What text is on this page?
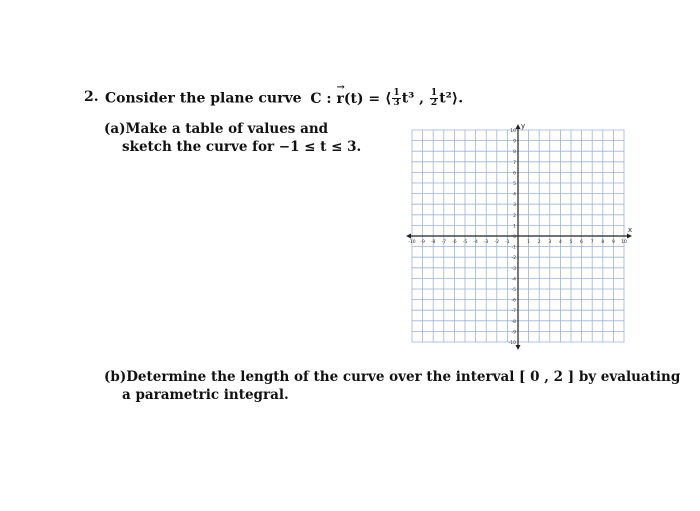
2. Consider the plane curve C :
→
r(t) = ⟨ $\frac{1}{3} t^3$ , $\frac{1}{2}$ t²⟩.
(a)Make a table of values and
sketch the curve for −1 ≤ t ≤ 3.
x
y
-10 -9 -8 -7 -6 -5 -4 -3 -2 -1	1 2 3 4 5 6 7 8 9 10
10
9
8
7
6
5
4
3
2
1
0
-1
-2
-3
-4
-5
-6
-7
-8
-9
-10
(b)Determine the length of the curve over the interval [ 0 , 2 ] by evaluating
a parametric integral.
